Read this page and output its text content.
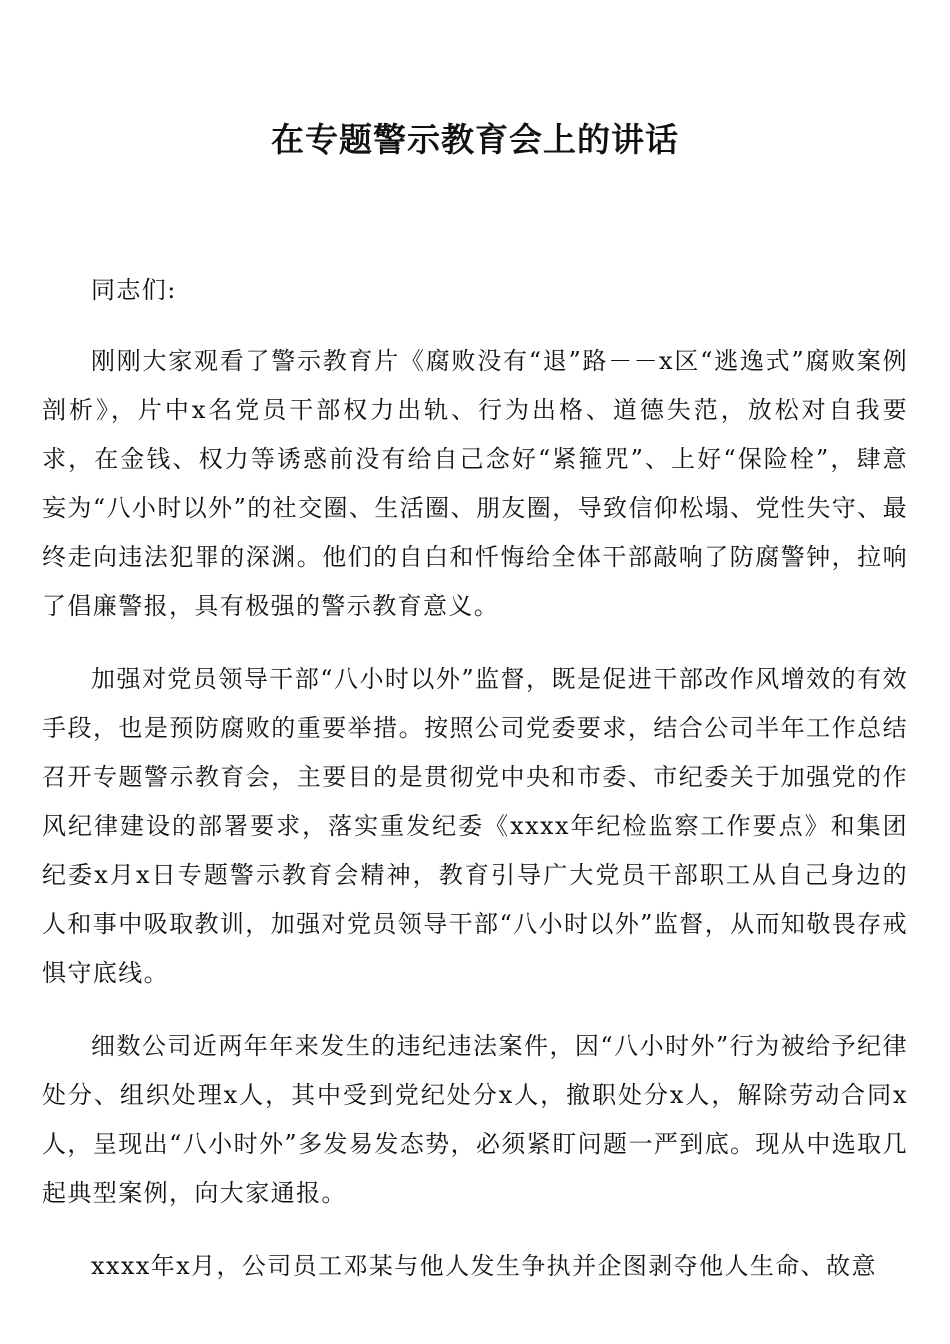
在专题警示教育会上的讲话

同志们:

刚刚大家观看了警示教育片《腐败没有“退”路－－x区“逃逸式”腐败案例剖析》，片中x名党员干部权力出轨、行为出格、道德失范，放松对自我要求，在金钱、权力等诱惑前没有给自己念好“紧箍咒”、上好“保险栓”，肆意妄为“八小时以外”的社交圈、生活圈、朋友圈，导致信仰松塌、党性失守、最终走向违法犯罪的深渊。他们的自白和忏悔给全体干部敲响了防腐警钟，拉响了倡廉警报，具有极强的警示教育意义。

加强对党员领导干部“八小时以外”监督，既是促进干部改作风增效的有效手段，也是预防腐败的重要举措。按照公司党委要求，结合公司半年工作总结召开专题警示教育会，主要目的是贯彻党中央和市委、市纪委关于加强党的作风纪律建设的部署要求，落实重发纪委《xxxx年纪检监察工作要点》和集团纪委x月x日专题警示教育会精神，教育引导广大党员干部职工从自己身边的人和事中吸取教训，加强对党员领导干部“八小时以外”监督，从而知敬畏存戒惧守底线。

细数公司近两年年来发生的违纪违法案件，因“八小时外”行为被给予纪律处分、组织处理x人，其中受到党纪处分x人，撤职处分x人，解除劳动合同x人，呈现出“八小时外”多发易发态势，必须紧盯问题一严到底。现从中选取几起典型案例，向大家通报。

xxxx年x月，公司员工邓某与他人发生争执并企图剥夺他人生命、故意
